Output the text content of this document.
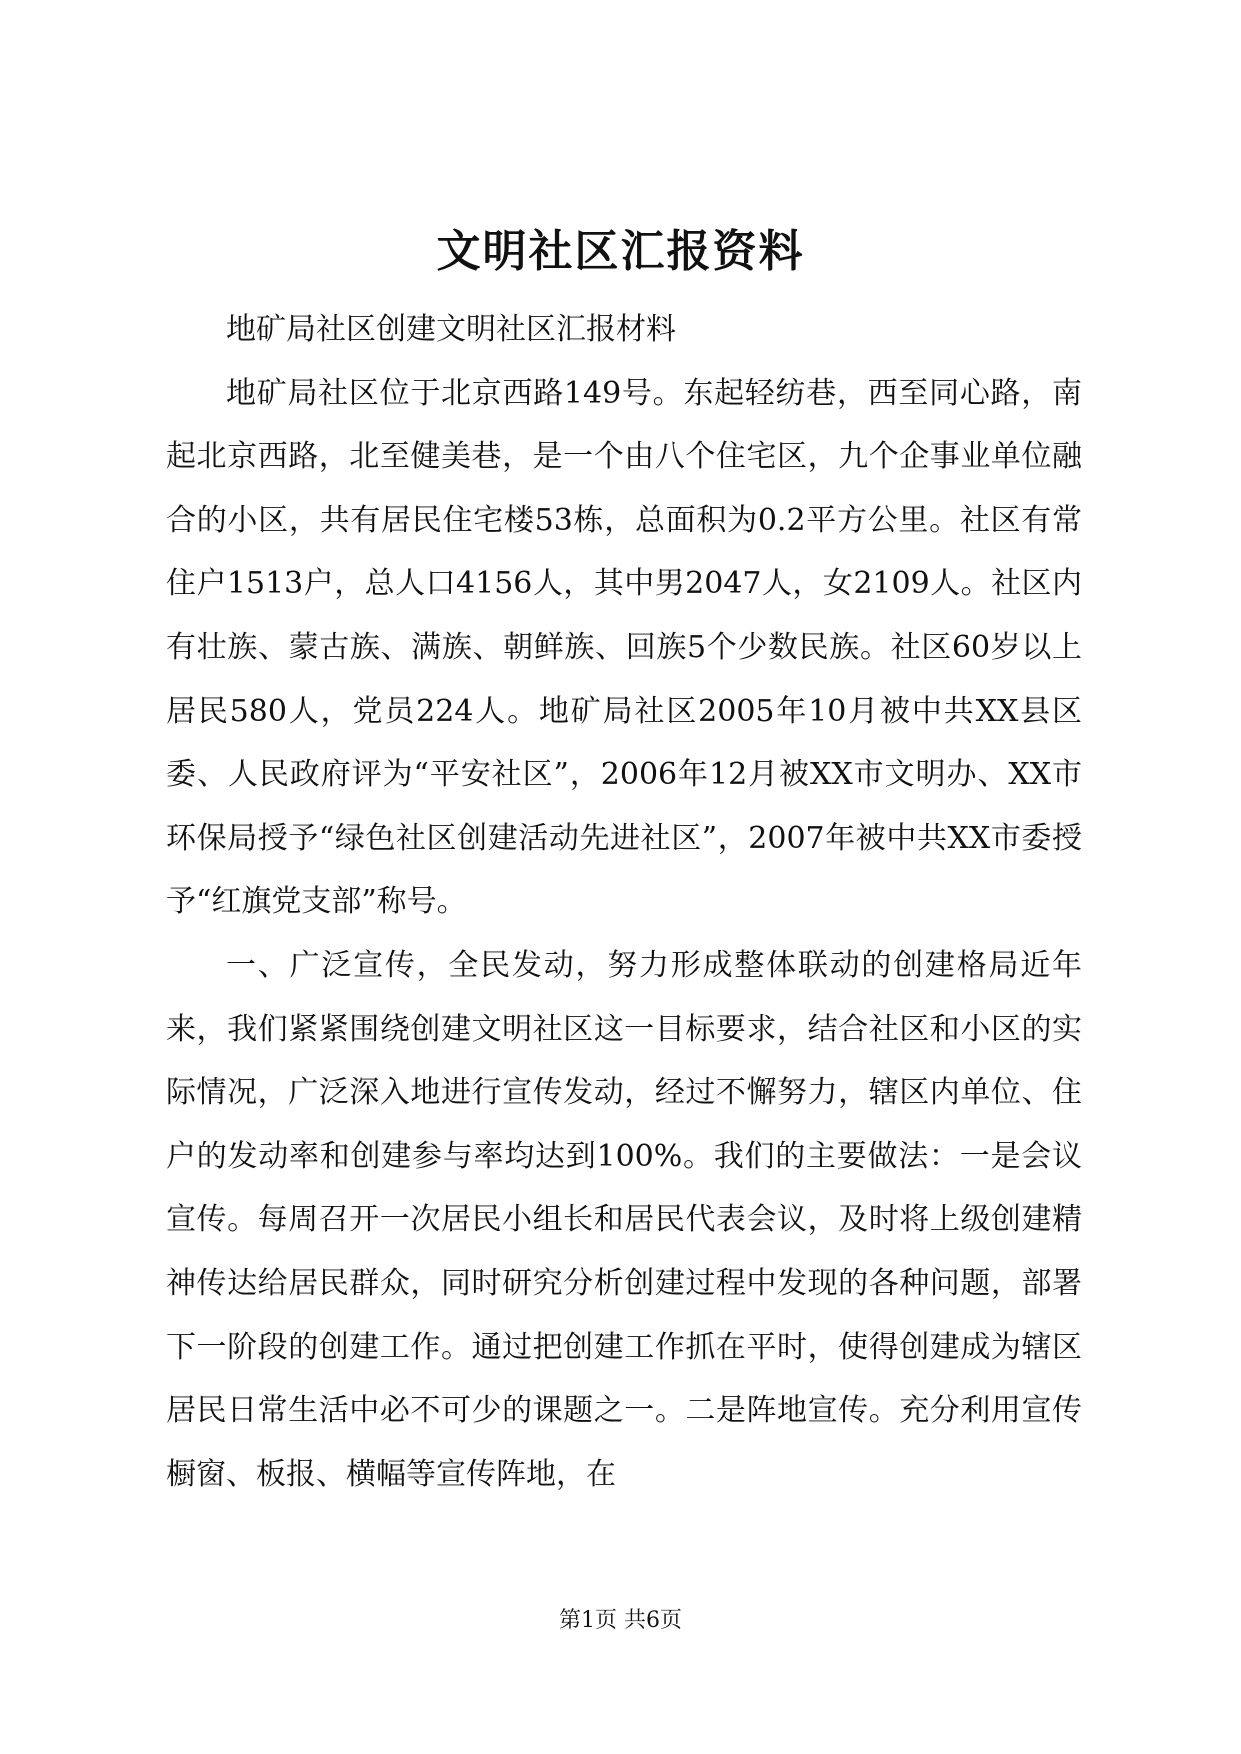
文明社区汇报资料

地矿局社区创建文明社区汇报材料

地矿局社区位于北京西路149号。东起轻纺巷，西至同心路，南起北京西路，北至健美巷，是一个由八个住宅区，九个企事业单位融合的小区，共有居民住宅楼53栋，总面积为0.2平方公里。社区有常住户1513户，总人口4156人，其中男2047人，女2109人。社区内有壮族、蒙古族、满族、朝鲜族、回族5个少数民族。社区60岁以上居民580人，党员224人。地矿局社区2005年10月被中共XX县区委、人民政府评为“平安社区”，2006年12月被XX市文明办、XX市环保局授予“绿色社区创建活动先进社区”，2007年被中共XX市委授予“红旗党支部”称号。

一、广泛宣传，全民发动，努力形成整体联动的创建格局近年来，我们紧紧围绕创建文明社区这一目标要求，结合社区和小区的实际情况，广泛深入地进行宣传发动，经过不懈努力，辖区内单位、住户的发动率和创建参与率均达到100%。我们的主要做法：一是会议宣传。每周召开一次居民小组长和居民代表会议，及时将上级创建精神传达给居民群众，同时研究分析创建过程中发现的各种问题，部署下一阶段的创建工作。通过把创建工作抓在平时，使得创建成为辖区居民日常生活中必不可少的课题之一。二是阵地宣传。充分利用宣传橱窗、板报、横幅等宣传阵地，在

第1页 共6页
